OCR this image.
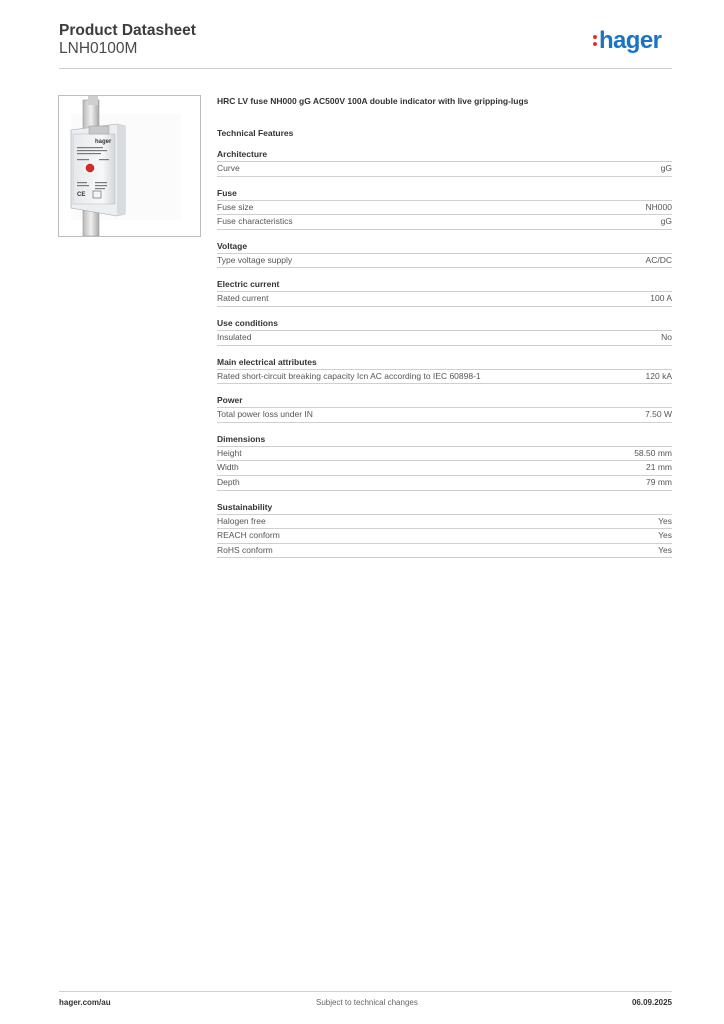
Product Datasheet
LNH0100M	hager
hager
CE
HRC LV fuse NH000 gG AC500V 100A double indicator with live gripping-lugs
Technical Features
Architecture
Curve	gG
Fuse
Fuse size	NH000
Fuse characteristics	gG
Voltage
Type voltage supply	AC/DC
Electric current
Rated current	100 A
Use conditions
Insulated	No
Main electrical attributes
Rated short-circuit breaking capacity Icn AC according to IEC 60898-1	120 kA
Power
Total power loss under IN	7.50 W
Dimensions
Height	58.50 mm
Width	21 mm
Depth	79 mm
Sustainability
Halogen free	Yes
REACH conform	Yes
RoHS conform	Yes
hager.com/au	Subject to technical changes	06.09.2025
